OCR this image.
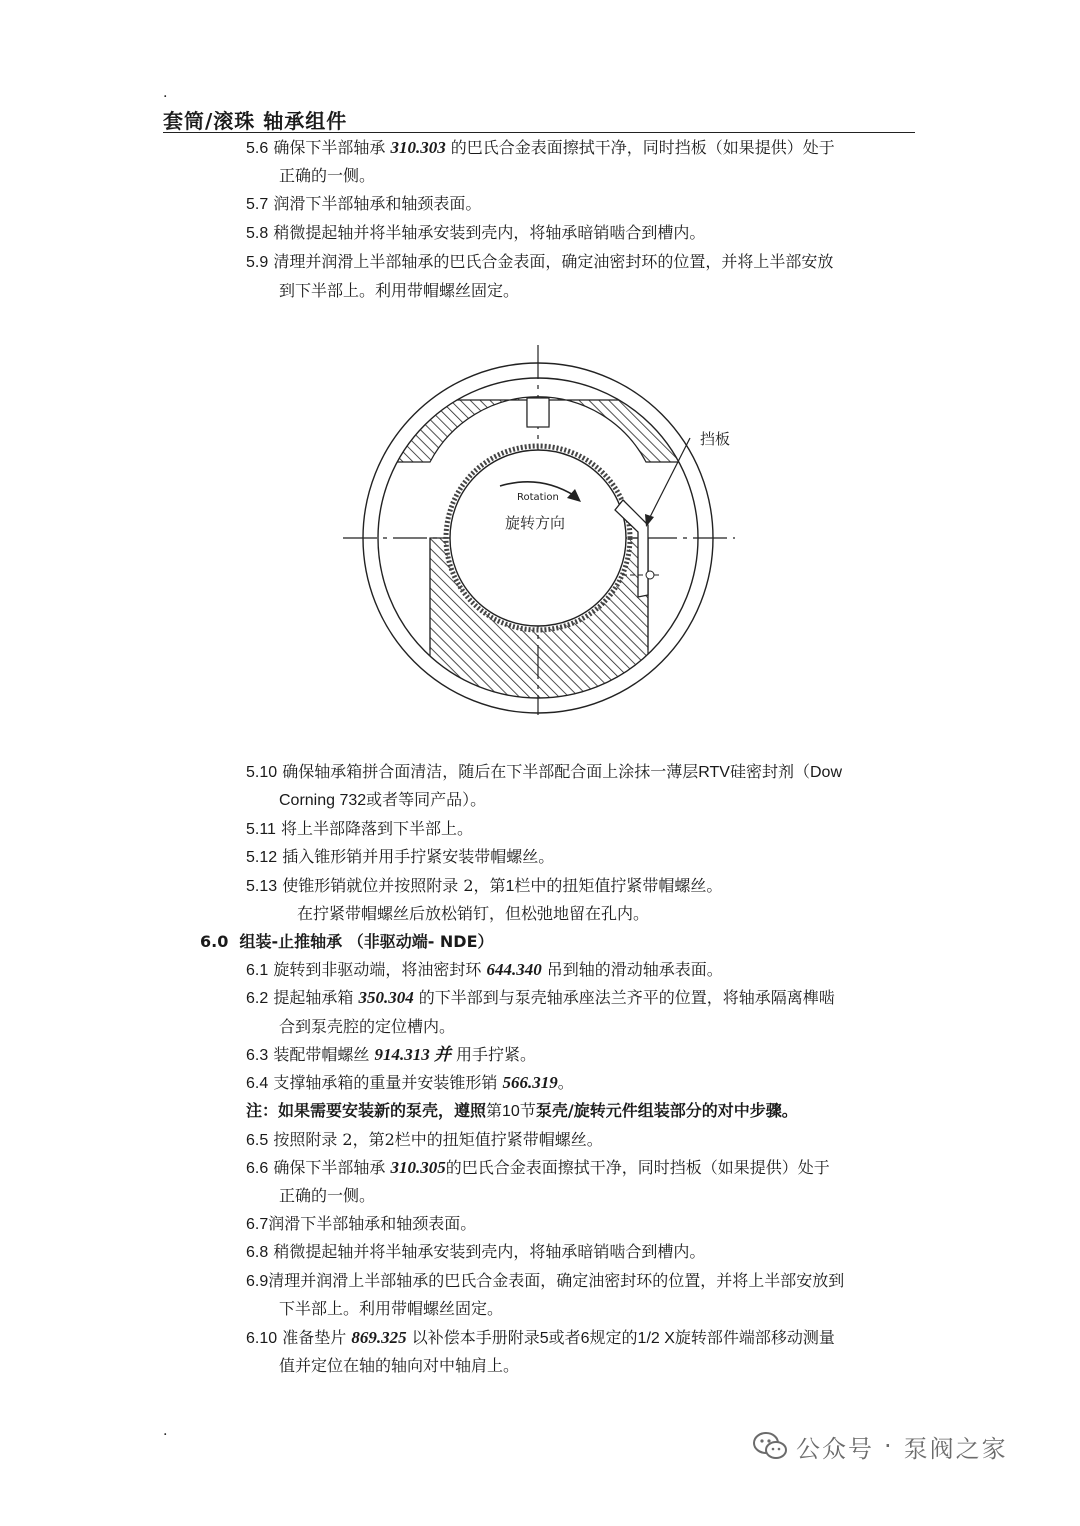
.
套筒/滚珠 轴承组件
5.6 确保下半部轴承 310.303 的巴氏合金表面擦拭干净，同时挡板（如果提供）处于
正确的一侧。
5.7 润滑下半部轴承和轴颈表面。
5.8 稍微提起轴并将半轴承安装到壳内，将轴承暗销啮合到槽内。
5.9 清理并润滑上半部轴承的巴氏合金表面，确定油密封环的位置，并将上半部安放
到下半部上。利用带帽螺丝固定。
Rotation
旋转方向
挡板
5.10 确保轴承箱拼合面清洁，随后在下半部配合面上涂抹一薄层RTV硅密封剂（Dow
Corning 732或者等同产品）。
5.11 将上半部降落到下半部上。
5.12 插入锥形销并用手拧紧安装带帽螺丝。
5.13 使锥形销就位并按照附录 2，第1栏中的扭矩值拧紧带帽螺丝。
在拧紧带帽螺丝后放松销钉，但松弛地留在孔内。
6.0 组装-止推轴承 （非驱动端- NDE）
6.1 旋转到非驱动端，将油密封环 644.340 吊到轴的滑动轴承表面。
6.2 提起轴承箱 350.304 的下半部到与泵壳轴承座法兰齐平的位置，将轴承隔离榫啮
合到泵壳腔的定位槽内。
6.3 装配带帽螺丝 914.313 并 用手拧紧。
6.4 支撑轴承箱的重量并安装锥形销 566.319。
注：如果需要安装新的泵壳，遵照第10节泵壳/旋转元件组装部分的对中步骤。
6.5 按照附录 2，第2栏中的扭矩值拧紧带帽螺丝。
6.6 确保下半部轴承 310.305的巴氏合金表面擦拭干净，同时挡板（如果提供）处于
正确的一侧。
6.7润滑下半部轴承和轴颈表面。
6.8 稍微提起轴并将半轴承安装到壳内，将轴承暗销啮合到槽内。
6.9清理并润滑上半部轴承的巴氏合金表面，确定油密封环的位置，并将上半部安放到
下半部上。利用带帽螺丝固定。
6.10 准备垫片 869.325 以补偿本手册附录5或者6规定的1/2 X旋转部件端部移动测量
值并定位在轴的轴向对中轴肩上。
.
公众号 · 泵阀之家
